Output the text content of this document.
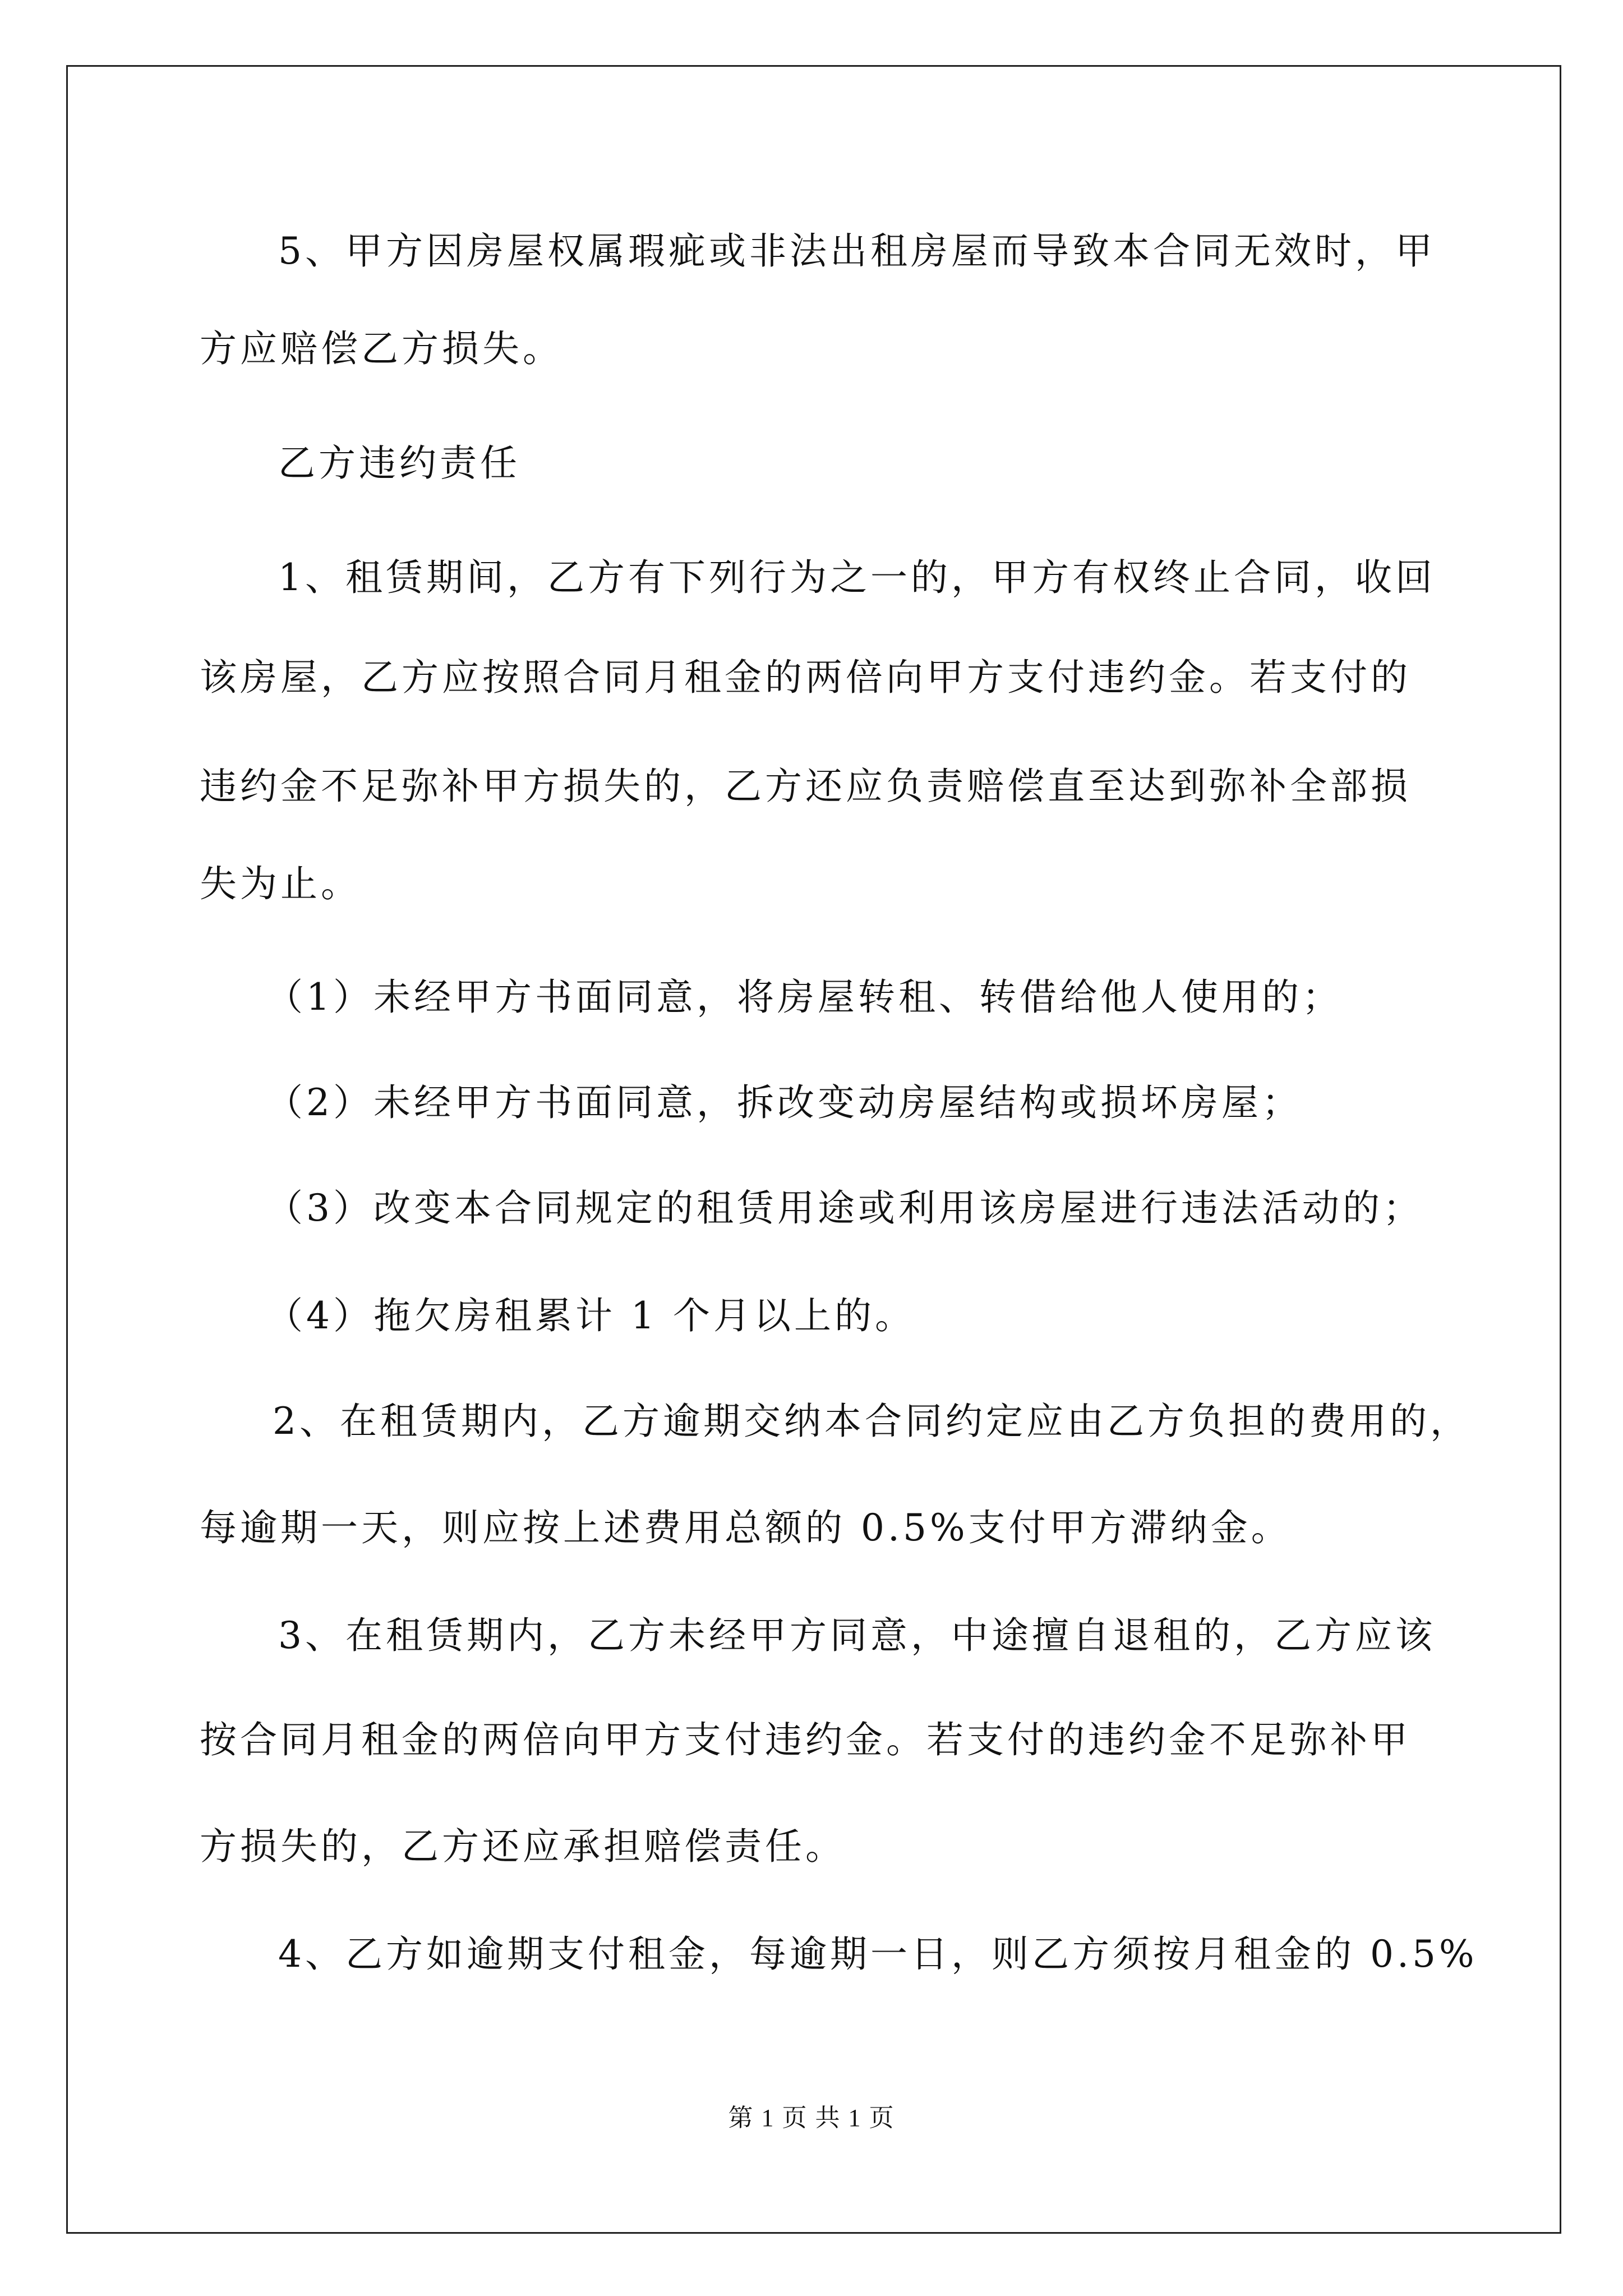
5、甲方因房屋权属瑕疵或非法出租房屋而导致本合同无效时，甲
方应赔偿乙方损失。
乙方违约责任
1、租赁期间，乙方有下列行为之一的，甲方有权终止合同，收回
该房屋，乙方应按照合同月租金的两倍向甲方支付违约金。若支付的
违约金不足弥补甲方损失的，乙方还应负责赔偿直至达到弥补全部损
失为止。
（1）未经甲方书面同意，将房屋转租、转借给他人使用的；
（2）未经甲方书面同意，拆改变动房屋结构或损坏房屋；
（3）改变本合同规定的租赁用途或利用该房屋进行违法活动的；
（4）拖欠房租累计 1 个月以上的。
2、在租赁期内，乙方逾期交纳本合同约定应由乙方负担的费用的，
每逾期一天，则应按上述费用总额的 0.5%支付甲方滞纳金。
3、在租赁期内，乙方未经甲方同意，中途擅自退租的，乙方应该
按合同月租金的两倍向甲方支付违约金。若支付的违约金不足弥补甲
方损失的，乙方还应承担赔偿责任。
4、乙方如逾期支付租金，每逾期一日，则乙方须按月租金的 0.5%
第 1 页 共 1 页
